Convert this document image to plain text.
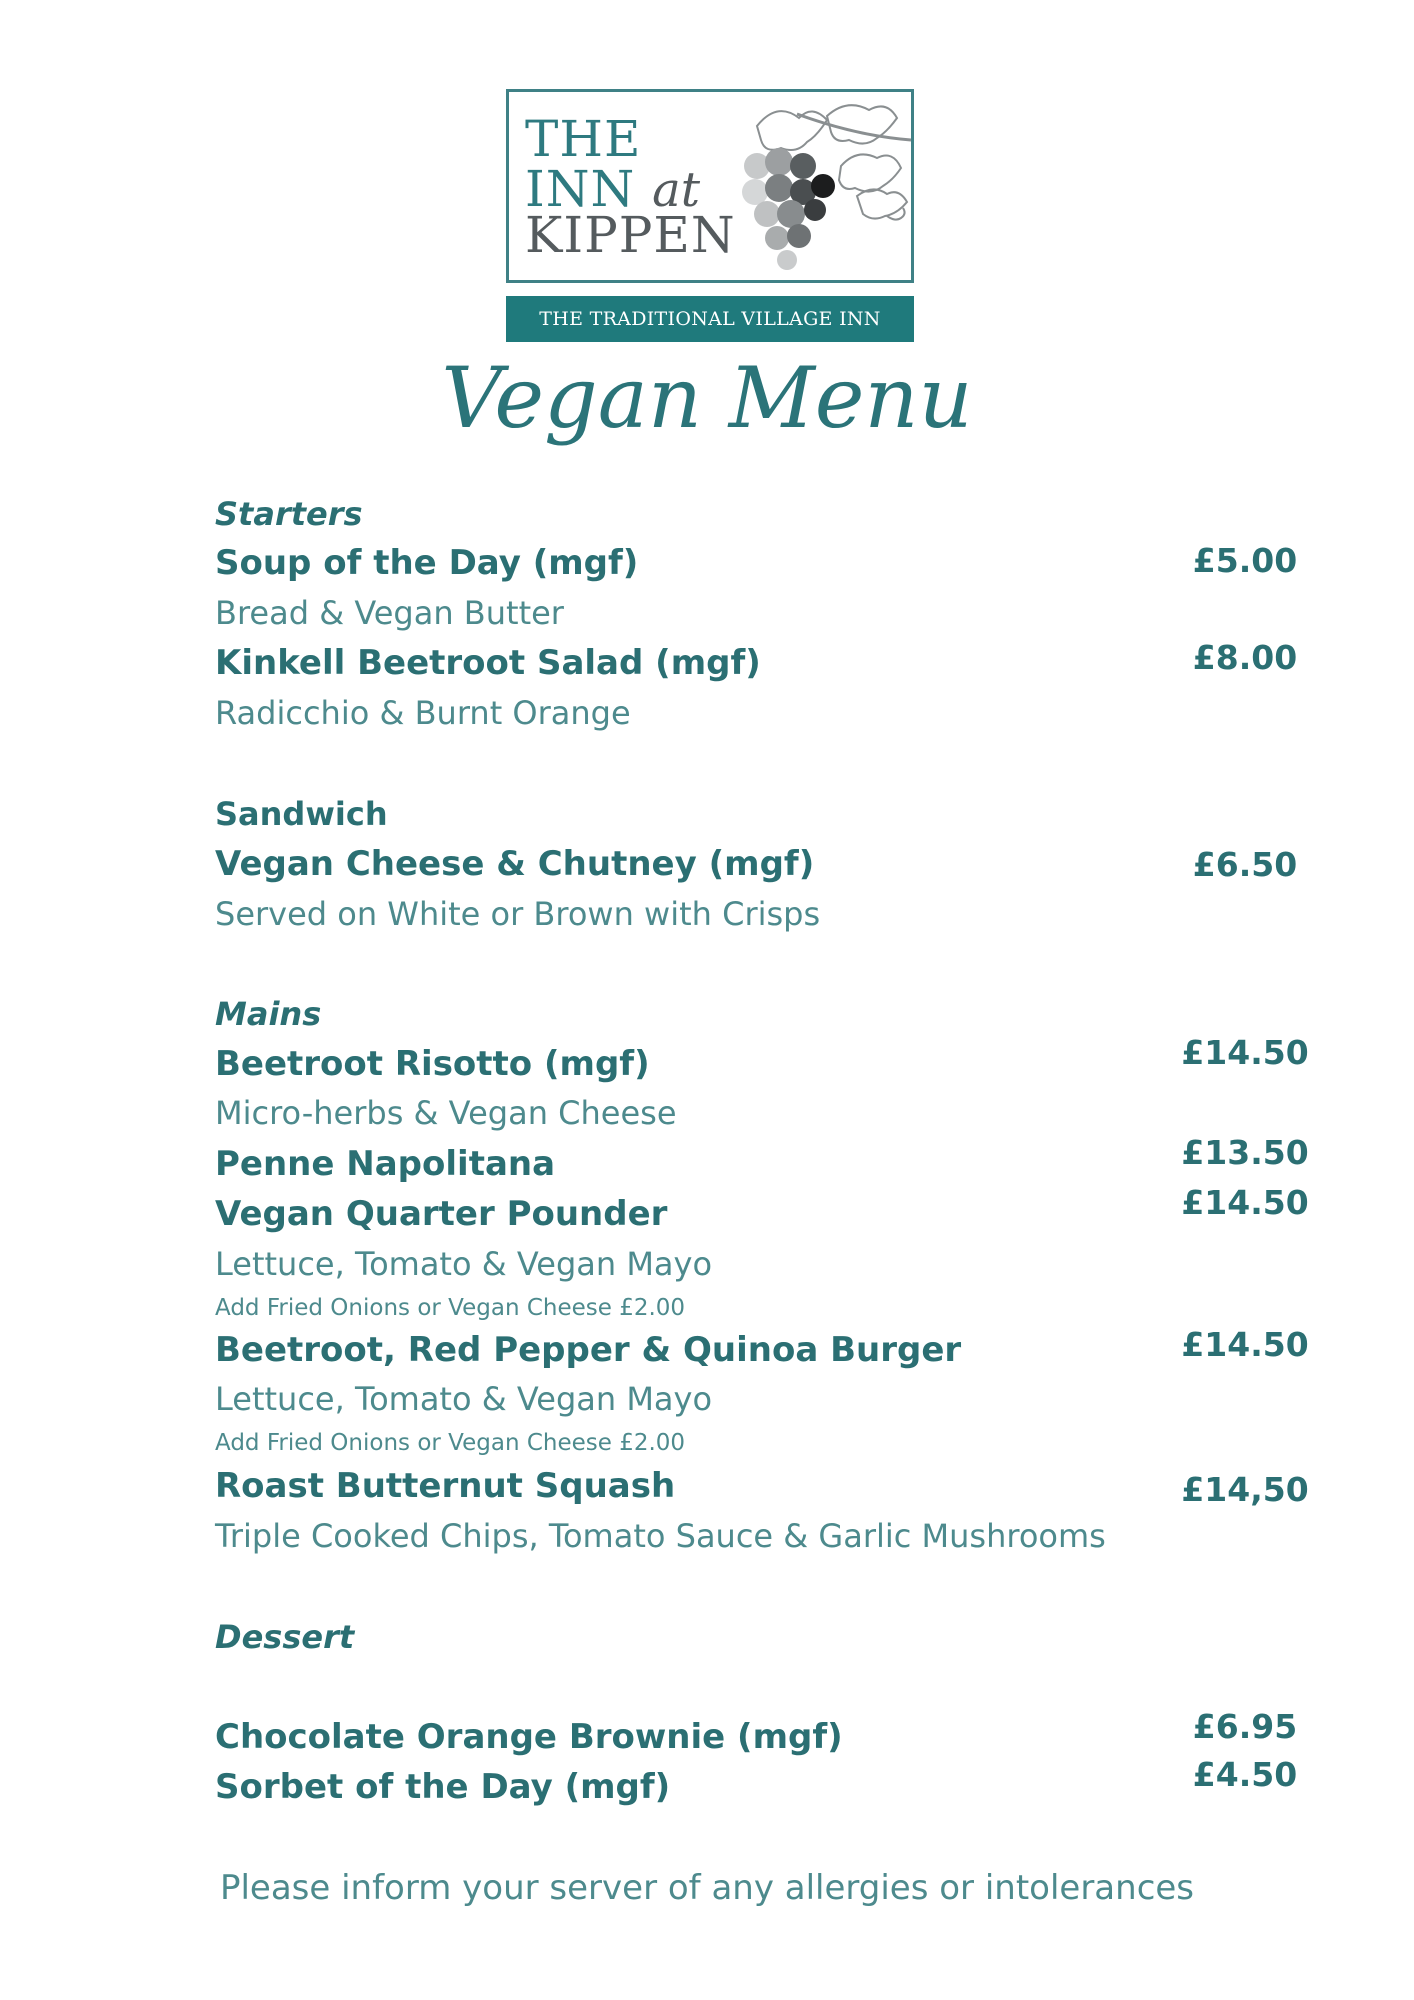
THE
INN at
KIPPEN
THE TRADITIONAL VILLAGE INN
Vegan Menu
Starters
Soup of the Day (mgf)	£5.00
Bread & Vegan Butter
Kinkell Beetroot Salad (mgf)	£8.00
Radicchio & Burnt Orange
Sandwich
Vegan Cheese & Chutney (mgf)	£6.50
Served on White or Brown with Crisps
Mains
Beetroot Risotto (mgf)	£14.50
Micro-herbs & Vegan Cheese
Penne Napolitana	£13.50
Vegan Quarter Pounder	£14.50
Lettuce, Tomato & Vegan Mayo
Add Fried Onions or Vegan Cheese £2.00
Beetroot, Red Pepper & Quinoa Burger	£14.50
Lettuce, Tomato & Vegan Mayo
Add Fried Onions or Vegan Cheese £2.00
Roast Butternut Squash	£14,50
Triple Cooked Chips, Tomato Sauce & Garlic Mushrooms
Dessert
Chocolate Orange Brownie (mgf)	£6.95
Sorbet of the Day (mgf)	£4.50
Please inform your server of any allergies or intolerances
